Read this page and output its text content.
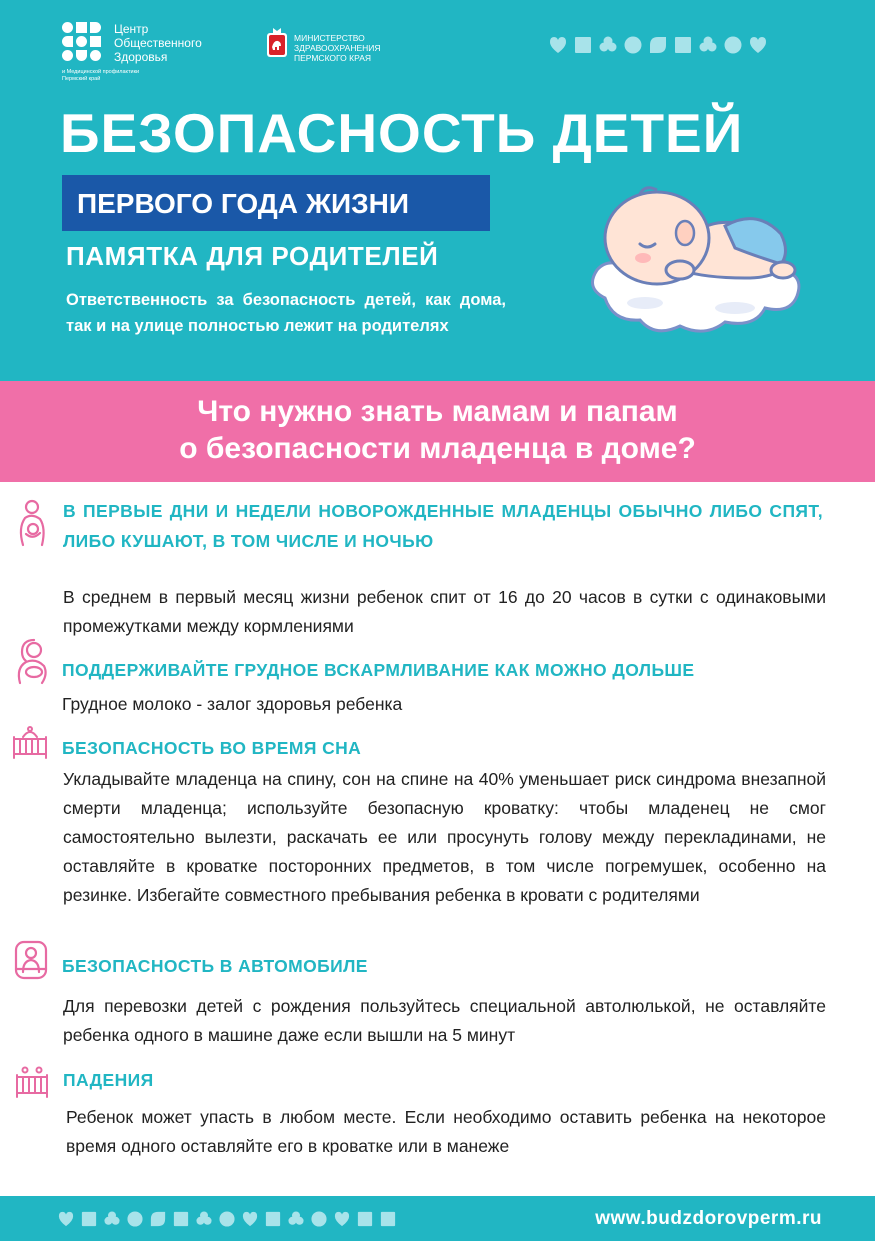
Центр
Общественного
Здоровья
и Медицинской профилактики
Пермский край
МИНИСТЕРСТВО
ЗДРАВООХРАНЕНИЯ
ПЕРМСКОГО КРАЯ
БЕЗОПАСНОСТЬ ДЕТЕЙ
ПЕРВОГО ГОДА ЖИЗНИ
ПАМЯТКА ДЛЯ РОДИТЕЛЕЙ
Ответственность за безопасность детей, как дома, так и на улице полностью лежит на родителях
Что нужно знать мамам и папам
о безопасности младенца в доме?
В ПЕРВЫЕ ДНИ И НЕДЕЛИ НОВОРОЖДЕННЫЕ МЛАДЕНЦЫ ОБЫЧНО ЛИБО СПЯТ, ЛИБО КУШАЮТ, В ТОМ ЧИСЛЕ И НОЧЬЮ
В среднем в первый месяц жизни ребенок спит от 16 до 20 часов в сутки с одинаковыми промежутками между кормлениями
ПОДДЕРЖИВАЙТЕ ГРУДНОЕ ВСКАРМЛИВАНИЕ КАК МОЖНО ДОЛЬШЕ
Грудное молоко - залог здоровья ребенка
БЕЗОПАСНОСТЬ ВО ВРЕМЯ СНА
Укладывайте младенца на спину, сон на спине на 40% уменьшает риск синдрома внезапной смерти младенца; используйте безопасную кроватку: чтобы младенец не смог самостоятельно вылезти, раскачать ее или просунуть голову между перекладинами, не оставляйте в кроватке посторонних предметов, в том числе погремушек, особенно на резинке. Избегайте совместного пребывания ребенка в кровати с родителями
БЕЗОПАСНОСТЬ В АВТОМОБИЛЕ
Для перевозки детей с рождения пользуйтесь специальной автолюлькой, не оставляйте ребенка одного в машине даже если вышли на 5 минут
ПАДЕНИЯ
Ребенок может упасть в любом месте. Если необходимо оставить ребенка на некоторое время одного оставляйте его в кроватке или в манеже
www.budzdorovperm.ru
